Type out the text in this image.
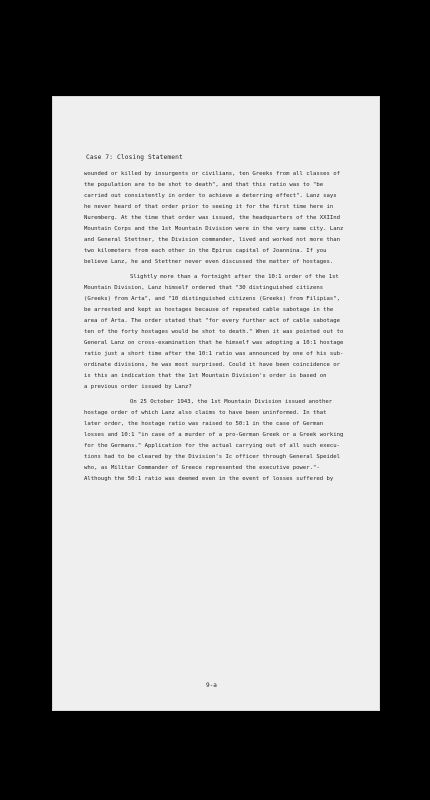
Case 7: Closing Statement
wounded or killed by insurgents or civilians, ten Greeks from all classes of
the population are to be shot to death", and that this ratio was to "be
carried out consistently in order to achieve a deterring effect". Lanz says
he never heard of that order prior to seeing it for the first time here in
Nuremberg. At the time that order was issued, the headquarters of the XXIInd
Mountain Corps and the 1st Mountain Division were in the very same city. Lanz
and General Stettner, the Division commander, lived and worked not more than
two kilometers from each other in the Epirus capital of Joannina. If you
believe Lanz, he and Stettner never even discussed the matter of hostages.
Slightly more than a fortnight after the 10:1 order of the 1st
Mountain Division, Lanz himself ordered that "30 distinguished citizens
(Greeks) from Arta", and "10 distinguished citizens (Greeks) from Filipias",
be arrested and kept as hostages because of repeated cable sabotage in the
area of Arta. The order stated that "for every further act of cable sabotage
ten of the forty hostages would be shot to death." When it was pointed out to
General Lanz on cross-examination that he himself was adopting a 10:1 hostage
ratio just a short time after the 10:1 ratio was announced by one of his sub-
ordinate divisions, he was most surprised. Could it have been coincidence or
is this an indication that the 1st Mountain Division's order is based on
a previous order issued by Lanz?
On 25 October 1943, the 1st Mountain Division issued another
hostage order of which Lanz also claims to have been uninformed. In that
later order, the hostage ratio was raised to 50:1 in the case of German
losses and 10:1 "in case of a murder of a pro-German Greek or a Greek working
for the Germans." Application for the actual carrying out of all such execu-
tions had to be cleared by the Division's Ic officer through General Speidel
who, as Militar Commander of Greece represented the executive power."-
Although the 50:1 ratio was deemed even in the event of losses suffered by
9-a
